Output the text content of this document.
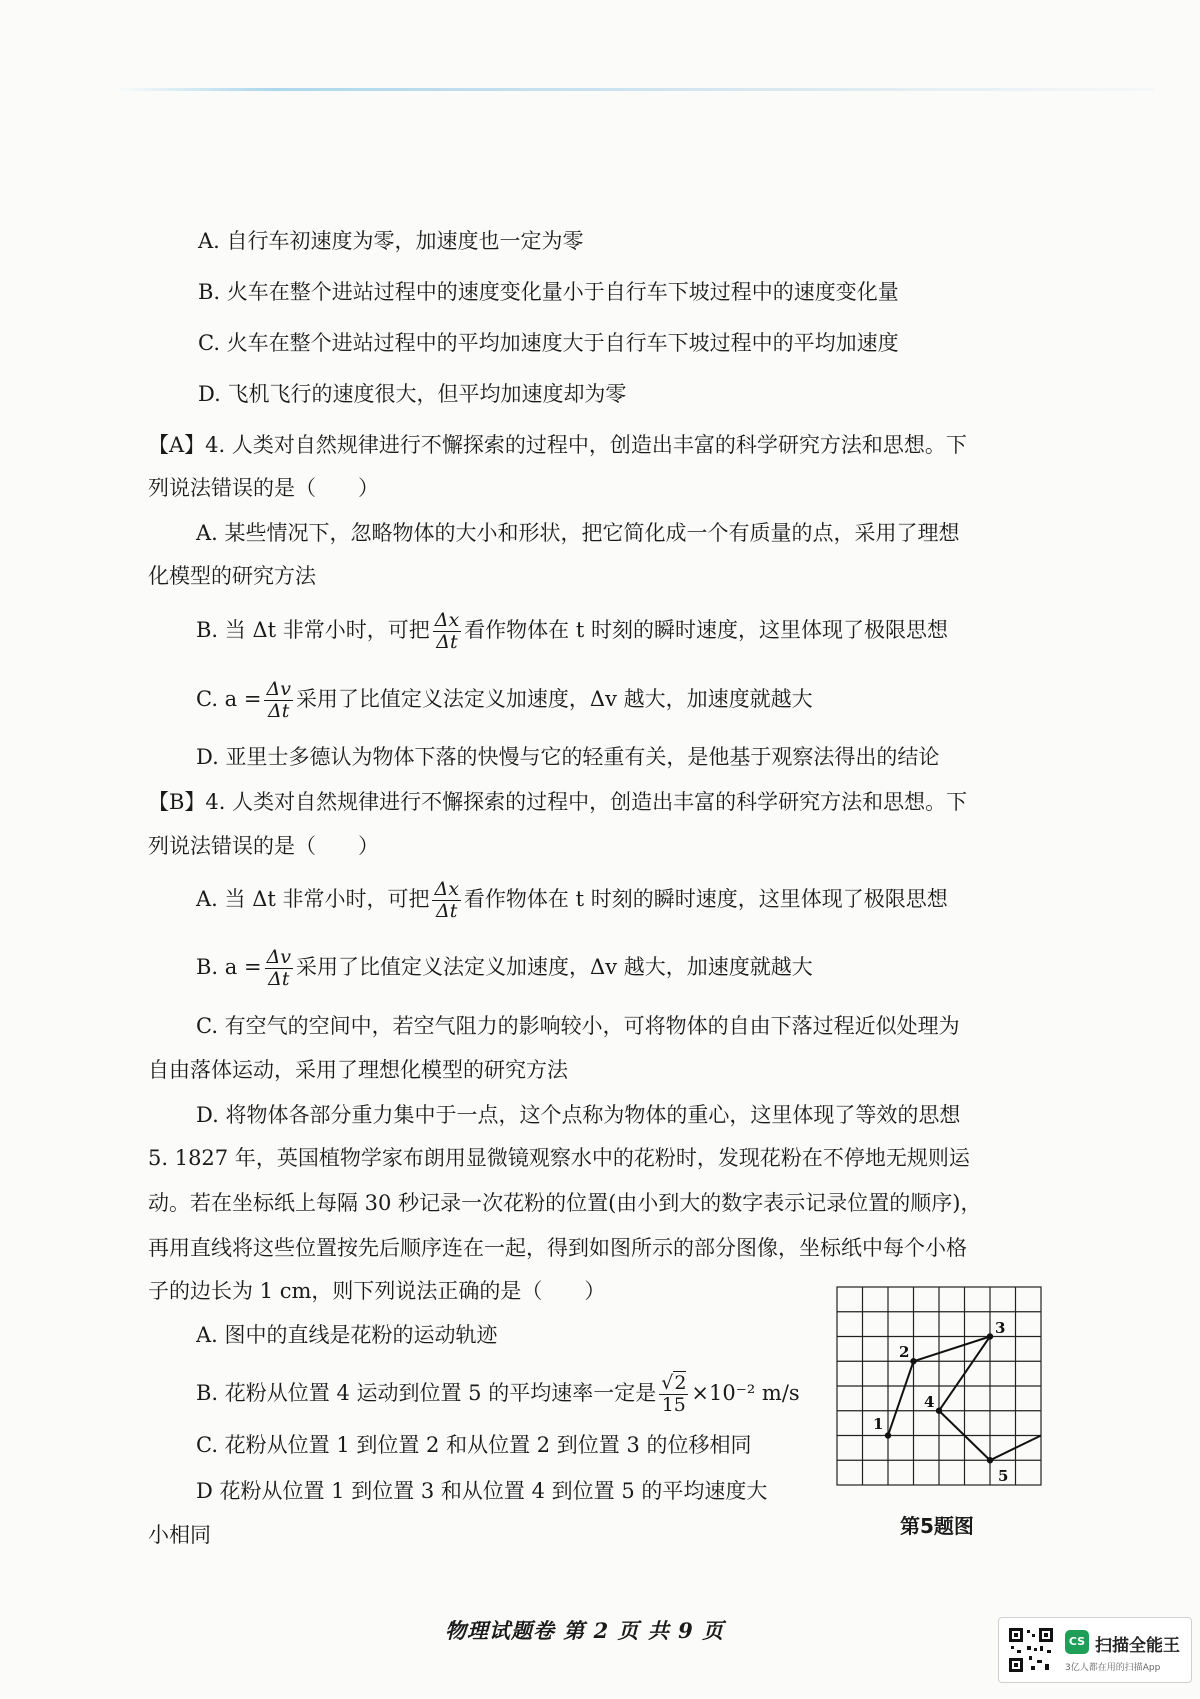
A. 自行车初速度为零，加速度也一定为零
B. 火车在整个进站过程中的速度变化量小于自行车下坡过程中的速度变化量
C. 火车在整个进站过程中的平均加速度大于自行车下坡过程中的平均加速度
D. 飞机飞行的速度很大，但平均加速度却为零
【A】4. 人类对自然规律进行不懈探索的过程中，创造出丰富的科学研究方法和思想。下
列说法错误的是（　　）
A. 某些情况下，忽略物体的大小和形状，把它简化成一个有质量的点，采用了理想
化模型的研究方法
B. 当 Δt 非常小时，可把 $\frac{\Delta x}{\Delta t}$ 看作物体在 t 时刻的瞬时速度，这里体现了极限思想
C. $a = \frac{\Delta v}{\Delta t}$ 采用了比值定义法定义加速度，Δv 越大，加速度就越大
D. 亚里士多德认为物体下落的快慢与它的轻重有关，是他基于观察法得出的结论
【B】4. 人类对自然规律进行不懈探索的过程中，创造出丰富的科学研究方法和思想。下
列说法错误的是（　　）
A. 当 Δt 非常小时，可把 $\frac{\Delta x}{\Delta t}$ 看作物体在 t 时刻的瞬时速度，这里体现了极限思想
B. $a = \frac{\Delta v}{\Delta t}$ 采用了比值定义法定义加速度，Δv 越大，加速度就越大
C. 有空气的空间中，若空气阻力的影响较小，可将物体的自由下落过程近似处理为
自由落体运动，采用了理想化模型的研究方法
D. 将物体各部分重力集中于一点，这个点称为物体的重心，这里体现了等效的思想
5. 1827 年，英国植物学家布朗用显微镜观察水中的花粉时，发现花粉在不停地无规则运
动。若在坐标纸上每隔 30 秒记录一次花粉的位置(由小到大的数字表示记录位置的顺序)，
再用直线将这些位置按先后顺序连在一起，得到如图所示的部分图像，坐标纸中每个小格
子的边长为 1 cm，则下列说法正确的是（　　）
A. 图中的直线是花粉的运动轨迹
B. 花粉从位置 4 运动到位置 5 的平均速率一定是 $\frac{√2}{15} \times 10^{-2}$ m/s
C. 花粉从位置 1 到位置 2 和从位置 2 到位置 3 的位移相同
D 花粉从位置 1 到位置 3 和从位置 4 到位置 5 的平均速度大
小相同
1
2
3
4
5
第5题图
物理试题卷 第 2 页 共 9 页	CS 扫描全能王
3亿人都在用的扫描App
